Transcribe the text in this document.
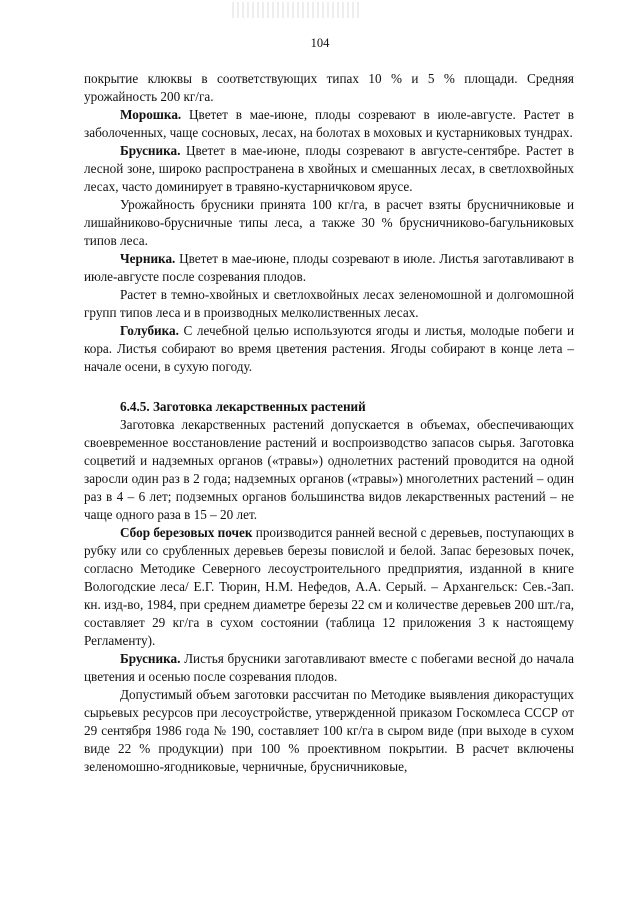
104

покрытие клюквы в соответствующих типах 10 % и 5 % площади. Средняя урожайность 200 кг/га.

Морошка. Цветет в мае-июне, плоды созревают в июле-августе. Растет в заболоченных, чаще сосновых, лесах, на болотах в моховых и кустарниковых тундрах.

Брусника. Цветет в мае-июне, плоды созревают в августе-сентябре. Растет в лесной зоне, широко распространена в хвойных и смешанных лесах, в светлохвойных лесах, часто доминирует в травяно-кустарничковом ярусе.

Урожайность брусники принята 100 кг/га, в расчет взяты брусничниковые и лишайниково-брусничные типы леса, а также 30 % брусничниково-багульниковых типов леса.

Черника. Цветет в мае-июне, плоды созревают в июле. Листья заготавливают в июле-августе после созревания плодов.

Растет в темно-хвойных и светлохвойных лесах зеленомошной и долгомошной групп типов леса и в производных мелколиственных лесах.

Голубика. С лечебной целью используются ягоды и листья, молодые побеги и кора. Листья собирают во время цветения растения. Ягоды собирают в конце лета – начале осени, в сухую погоду.

6.4.5. Заготовка лекарственных растений

Заготовка лекарственных растений допускается в объемах, обеспечивающих своевременное восстановление растений и воспроизводство запасов сырья. Заготовка соцветий и надземных органов («травы») однолетних растений проводится на одной заросли один раз в 2 года; надземных органов («травы») многолетних растений – один раз в 4 – 6 лет; подземных органов большинства видов лекарственных растений – не чаще одного раза в 15 – 20 лет.

Сбор березовых почек производится ранней весной с деревьев, поступающих в рубку или со срубленных деревьев березы повислой и белой. Запас березовых почек, согласно Методике Северного лесоустроительного предприятия, изданной в книге Вологодские леса/ Е.Г. Тюрин, Н.М. Нефедов, А.А. Серый. – Архангельск: Сев.-Зап. кн. изд-во, 1984, при среднем диаметре березы 22 см и количестве деревьев 200 шт./га, составляет 29 кг/га в сухом состоянии (таблица 12 приложения 3 к настоящему Регламенту).

Брусника. Листья брусники заготавливают вместе с побегами весной до начала цветения и осенью после созревания плодов.

Допустимый объем заготовки рассчитан по Методике выявления дикорастущих сырьевых ресурсов при лесоустройстве, утвержденной приказом Госкомлеса СССР от 29 сентября 1986 года № 190, составляет 100 кг/га в сыром виде (при выходе в сухом виде 22 % продукции) при 100 % проективном покрытии. В расчет включены зеленомошно-ягодниковые, черничные, брусничниковые,
